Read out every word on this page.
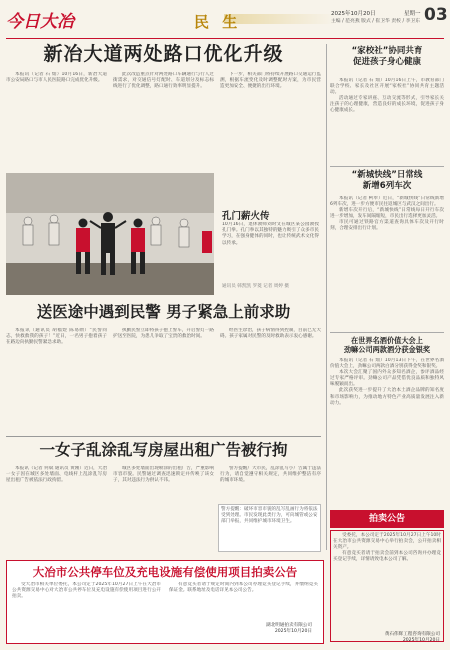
今日大冶	民 生	2025年10月20日	星期一 03
主编 / 范亮燕 版式 / 崔卫华 责校 / 李卫东
新冶大道两处路口优化升级

本报讯（记者 石 灿）10月16日，新冶大道市公安局路口与市人民医院路口完成优化升级。

此次改造重点针对两处路口车辆通行与行人过街需求，对交通信号灯配时、车道划分及标志标线进行了优化调整，路口通行效率明显提升。

下一步，相关部门将持续开展路口交通运行监测，根据车流变化及时调整配时方案，为市民营造更加安全、便捷的出行环境。

孔门薪火传
10月16日，退休教师刘时文在城区某公园教授孔门拳。孔门拳以其独特的魅力吸引了众多市民学习，在强身健体的同时，也让传统武术文化得以传承。
通讯员 韩凯凯 罗菱 记者 周婷 摄
送医途中遇到民警 男子紧急上前求助

本报讯（通讯员 胡福煜 陈易勋）“民警同志，快救救我的孩子！”近日，一名男子抱着孩子在路边向执勤民警紧急求助。

执勤民警立即将孩子抱上警车，开启警灯一路护送至医院，为患儿争取了宝贵的救治时间。

经医生诊治，孩子病情得到控制，目前已无大碍。孩子家属对民警的及时救助表示衷心感谢。

一女子乱涂乱写房屋出租广告被行拘

本报讯（记者 何斌 通讯员 黄刚）近日，大冶一女子因在城区多处墙面、电线杆上乱涂乱写房屋出租广告被依法行政拘留。

城区多处墙面出现喷涂的出租广告，严重影响市容市貌。民警通过调查迅速锁定并传唤了该女子，其对违法行为供认不讳。

警方提醒广大市民，乱涂乱写小广告属于违法行为，请自觉遵守相关规定，共同维护整洁有序的城市环境。

警方提醒：破坏市容市貌的乱写乱画行为将依法受到处理。市民发现此类行为，可向城管或公安部门举报，共同维护城市环境卫生。
“家校社”协同共育
促进孩子身心健康

本报讯（记者 石 灿）10月16日上午，市教育部门联合学校、家长及社区开展“家校社”协同共育主题活动。

活动通过专家讲座、互动交流等形式，引导家长关注孩子的心理健康，营造良好的成长环境，促进孩子身心健康成长。

“新城快线”日常线
新增6列车次

本报讯（记者 柯奉）近日，“新城快线”日常线新增6列车次，进一步方便市民往返城区与武汉之间出行。

新增车次开行后，“新城快线”日常线每日开行车次进一步增加，发车间隔缩短，市民出行选择更加灵活。

市民可通过铁路官方渠道查询具体车次及开行时刻，合理安排出行计划。

在世界名酒价值大会上
劲嘛公司两款酒分获金银奖

本报讯（记者 石 灿）10月13日下午，在世界名酒价值大会上，劲嘛公司两款白酒分别获得金奖和银奖。

本次大会汇聚了国内外众多知名酒企，参评酒品经过专家严格评审。劲嘛公司产品凭借优良品质和独特风味脱颖而出。

此次获奖进一步提升了大冶本土酒企品牌的知名度和市场影响力，为推动地方特色产业高质量发展注入新动力。

拍卖公告

受委托，本公司定于2025年10月27日上午10时在大冶市公共资源交易中心举行拍卖会，公开拍卖相关资产。

有意竞买者请于拍卖会前到本公司咨询并办理竞买登记手续，详情请致电本公司了解。

黄石伟辉工程咨询有限公司
2025年10月20日
大冶市公共停车位及充电设施有偿使用项目拍卖公告

受大冶市相关单位委托，本公司定于2025年10月27日上午在大冶市公共资源交易中心对大冶市公共停车位及充电设施有偿使用项目进行公开拍卖。

有意竞买者请于规定时间内到本公司办理竞买登记手续，并缴纳竞买保证金。联系地址及电话详见本公司公告。

湖北明通拍卖有限公司
2025年10月20日
